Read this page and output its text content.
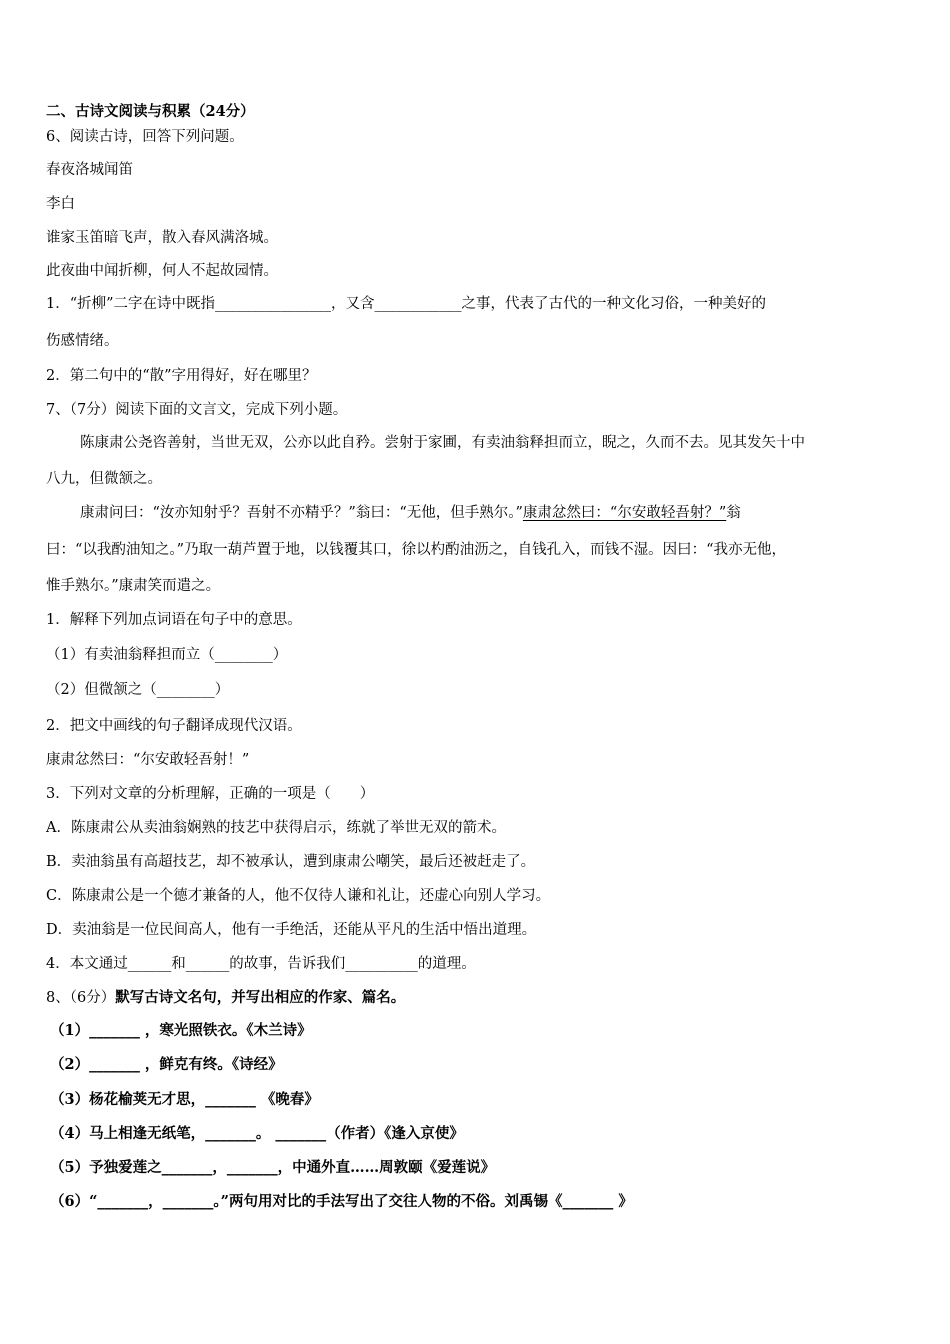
二、古诗文阅读与积累（24分）
6、阅读古诗，回答下列问题。
春夜洛城闻笛
李白
谁家玉笛暗飞声，散入春风满洛城。
此夜曲中闻折柳，何人不起故园情。
1．“折柳”二字在诗中既指________________，又含____________之事，代表了古代的一种文化习俗，一种美好的
伤感情绪。
2．第二句中的“散”字用得好，好在哪里？
7、（7分）阅读下面的文言文，完成下列小题。
陈康肃公尧咨善射，当世无双，公亦以此自矜。尝射于家圃，有卖油翁释担而立，睨之，久而不去。见其发矢十中
八九，但微颔之。
康肃问曰：“汝亦知射乎？吾射不亦精乎？”翁曰：“无他，但手熟尔。”康肃忿然曰：“尔安敢轻吾射？”翁
曰：“以我酌油知之。”乃取一葫芦置于地，以钱覆其口，徐以杓酌油沥之，自钱孔入，而钱不湿。因曰：“我亦无他，
惟手熟尔。”康肃笑而遣之。
1．解释下列加点词语在句子中的意思。
（1）有卖油翁释担而立（________）
（2）但微颔之（________）
2．把文中画线的句子翻译成现代汉语。
康肃忿然曰：“尔安敢轻吾射！”
3．下列对文章的分析理解，正确的一项是（　　）
A．陈康肃公从卖油翁娴熟的技艺中获得启示，练就了举世无双的箭术。
B．卖油翁虽有高超技艺，却不被承认，遭到康肃公嘲笑，最后还被赶走了。
C．陈康肃公是一个德才兼备的人，他不仅待人谦和礼让，还虚心向别人学习。
D．卖油翁是一位民间高人，他有一手绝活，还能从平凡的生活中悟出道理。
4．本文通过______和______的故事，告诉我们__________的道理。
8、（6分）默写古诗文名句，并写出相应的作家、篇名。
（1）_______ ，寒光照铁衣。《木兰诗》
（2）_______ ，鲜克有终。《诗经》
（3）杨花榆荚无才思，_______ 《晚春》
（4）马上相逢无纸笔，_______。 _______（作者）《逢入京使》
（5）予独爱莲之_______，_______，中通外直……周敦颐《爱莲说》
（6）“_______，_______。”两句用对比的手法写出了交往人物的不俗。刘禹锡《_______ 》
